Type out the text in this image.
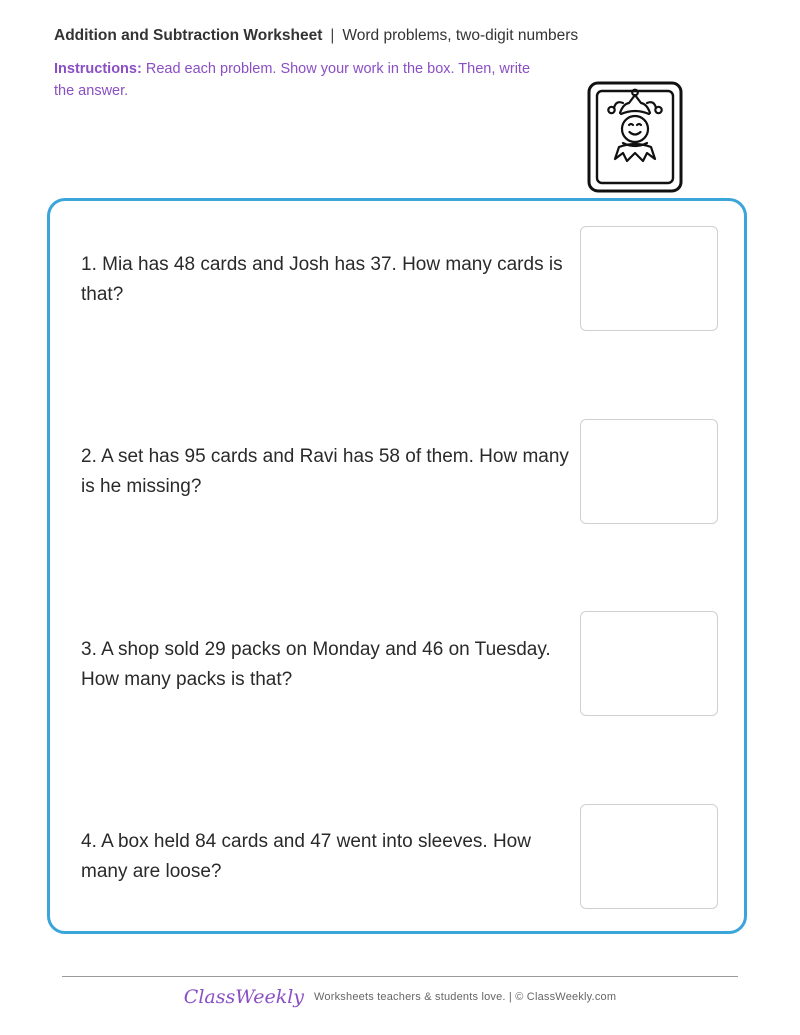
Addition and Subtraction Worksheet | Word problems, two-digit numbers
Instructions: Read each problem. Show your work in the box. Then, write the answer.
1. Mia has 48 cards and Josh has 37. How many cards is that?
2. A set has 95 cards and Ravi has 58 of them. How many is he missing?
3. A shop sold 29 packs on Monday and 46 on Tuesday. How many packs is that?
4. A box held 84 cards and 47 went into sleeves. How many are loose?
ClassWeekly Worksheets teachers & students love. | © ClassWeekly.com
